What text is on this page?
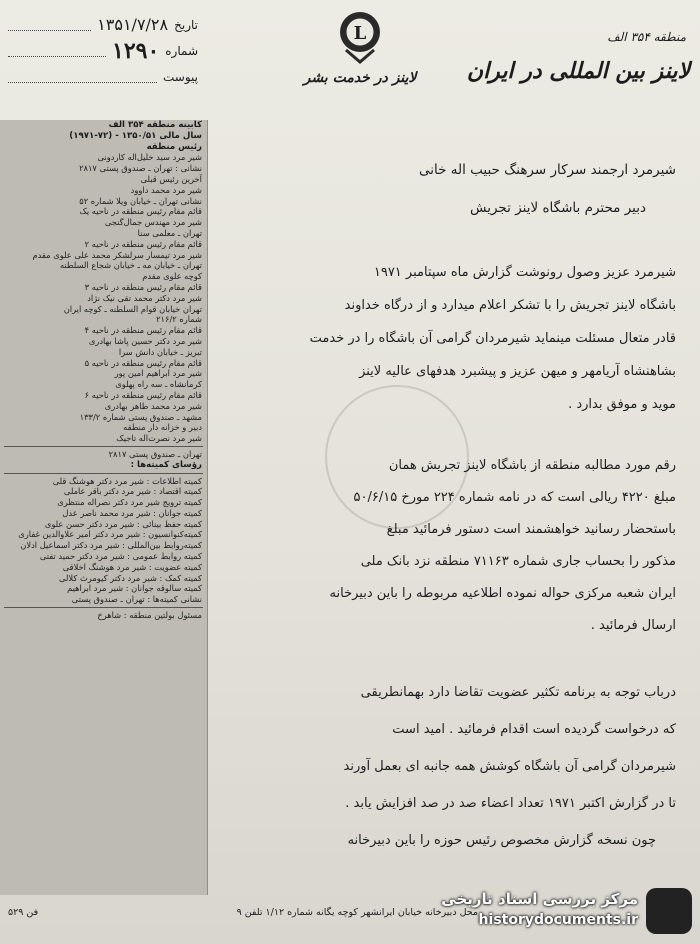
تاریخ
۱۳۵۱/۷/۲۸
شماره
۱۲۹۰
پیوست
L
لاینز در خدمت بشر
منطقه ۳۵۴ الف
لاینز بین المللی در ایران
کابینه منطقه ۳۵۴ الف
سال مالی ۱۳۵۰/۵۱ - (۷۲-۱۹۷۱)
رئیس منطقه
شیر مرد سید خلیل‌اله کاردونی
نشانی : تهران ـ صندوق پستی ۲۸۱۷
آخرین رئیس قبلی
شیر مرد محمد داوود
نشانی تهران ـ خیابان ویلا شماره ۵۲
قائم مقام رئیس منطقه در ناحیه یک
شیر مرد مهندس جمال‌گنجی
تهران ـ معلمی سنا
قائم مقام رئیس منطقه در ناحیه ۲
شیر مرد تیمسار سرلشکر محمد علی علوی مقدم
تهران ـ خیابان مه ـ خیابان شجاع السلطنه
کوچه علوی مقدم
قائم مقام رئیس منطقه در ناحیه ۳
شیر مرد دکتر محمد تقی نیک نژاد
تهران خیابان قوام السلطنه ـ کوچه ایران
شماره ۲۱۶/۲
قائم مقام رئیس منطقه در ناحیه ۴
شیر مرد دکتر حسین پاشا بهادری
تبریز ـ خیابان دانش سرا
قائم مقام رئیس منطقه در ناحیه ۵
شیر مرد ابراهیم امین پور
کرمانشاه ـ سه راه پهلوی
قائم مقام رئیس منطقه در ناحیه ۶
شیر مرد محمد طاهر بهادری
مشهد ـ صندوق پستی شماره ۱۳۳/۲
دبیر و خزانه دار منطقه
شیر مرد نصرت‌اله تاجیک
تهران ـ صندوق پستی ۲۸۱۷
رؤسای کمیته‌ها :
کمیته اطلاعات : شیر مرد دکتر هوشنگ قلی
کمیته اقتصاد : شیر مرد دکتر باقر عاملی
کمیته ترویج شیر مرد دکتر نصراله منتظری
کمیته جوانان : شیر مرد محمد ناصر عدل
کمیته حفظ بینائی : شیر مرد دکتر حسن علوی
کمیته‌کنوانسیون : شیر مرد دکتر امیر علاوالدین غفاری
کمیته‌روابط بین‌المللی : شیر مرد دکتر اسماعیل ادلان
کمیته روابط عمومی : شیر مرد دکتر حمید تفتی
کمیته عضویت : شیر مرد هوشنگ اخلاقی
کمیته کمک : شیر مرد دکتر کیومرث کلالی
کمیته سالوقه جوانان : شیر مرد ابراهیم
نشانی کمیته‌ها : تهران ـ صندوق پستی
مسئول بولتین منطقه : شاهرخ
شیرمرد ارجمند سرکار سرهنگ حبیب اله خانی
دبیر محترم باشگاه لاینز تجریش
شیرمرد عزیز وصول رونوشت گزارش ماه سپتامبر ۱۹۷۱
باشگاه لاینز تجریش را با تشکر اعلام میدارد و از درگاه خداوند
قادر متعال مسئلت مینماید شیرمردان گرامی آن باشگاه را در خدمت
بشاهنشاه آریامهر و میهن عزیز و پیشبرد هدفهای عالیه لاینز
موید و موفق بدارد .
رقم مورد مطالبه منطقه از باشگاه لاینز تجریش همان
مبلغ ۴۲۲۰ ریالی است که در نامه شماره ۲۲۴ مورخ ۵۰/۶/۱۵
باستحضار رسانید خواهشمند است دستور فرمائید مبلغ
مذکور را بحساب جاری شماره ۷۱۱۶۳ منطقه نزد بانک ملی
ایران شعبه مرکزی حواله نموده اطلاعیه مربوطه را باین دبیرخانه
ارسال فرمائید .
درباب توجه به برنامه تکثیر عضویت تقاضا دارد بهمانطریقی
که درخواست گردیده است اقدام فرمائید . امید است
شیرمردان گرامی آن باشگاه کوشش همه جانبه ای بعمل آورند
تا در گزارش اکتبر ۱۹۷۱ تعداد اعضاء صد در صد افزایش یابد .
چون نسخه گزارش مخصوص رئیس حوزه را باین دبیرخانه
محل دبیرخانه خیابان ایرانشهر کوچه یگانه شماره ۱/۱۲ تلفن ۹
فن ۵۲۹
مرکز بررسی اسناد تاریخی
historydocuments.ir
